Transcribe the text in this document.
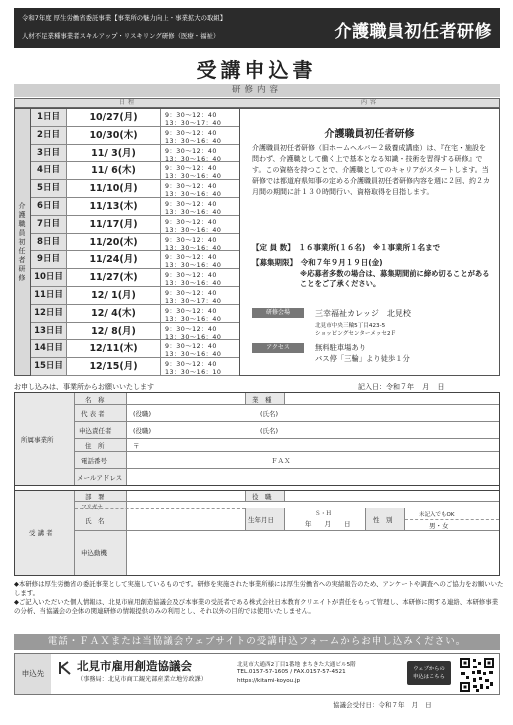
令和7年度 厚生労働省委託事業【事業所の魅力向上・事業拡大の取組】
人材不足業種事業者スキルアップ・リスキリング研修（医療・福祉）	介護職員初任者研修
受講申込書
研修内容
日程	内容
介護職員初任者研修
1日目	10/27(月)	9：30〜12：40
13：30〜17：40
2日目	10/30(木)	9：30〜12：40
13：30〜16：40
3日目	11/ 3(月)	9：30〜12：40
13：30〜16：40
4日目	11/ 6(木)	9：30〜12：40
13：30〜16：40
5日目	11/10(月)	9：30〜12：40
13：30〜16：40
6日目	11/13(木)	9：30〜12：40
13：30〜16：40
7日目	11/17(月)	9：30〜12：40
13：30〜16：40
8日目	11/20(木)	9：30〜12：40
13：30〜16：40
9日目	11/24(月)	9：30〜12：40
13：30〜16：40
10日目	11/27(木)	9：30〜12：40
13：30〜16：40
11日目	12/ 1(月)	9：30〜12：40
13：30〜17：40
12日目	12/ 4(木)	9：30〜12：40
13：30〜16：40
13日目	12/ 8(月)	9：30〜12：40
13：30〜16：40
14日目	12/11(木)	9：30〜12：40
13：30〜16：40
15日目	12/15(月)	9：30〜12：40
13：30〜16：10
介護職員初任者研修
介護職員初任者研修（旧ホームヘルパー２級養成講座）は、『在宅・施設を問わず、介護職として働く上で基本となる知識・技術を習得する研修』です。この資格を持つことで、介護職としてのキャリアがスタートします。当研修では都道府県知事の定める介護職員初任者研修内容を週に２回、約２カ月間の期間に計１３０時間行い、資格取得を目指します。
【定 員 数】　１６事業所(１６名)　※１事業所１名まで
【募集期限】　令和７年９月１９日(金)
※応募者多数の場合は、募集期間前に締め切ることがあることをご了承ください。
研修会場	三幸福祉カレッジ　北見校
北見市中央三輪5丁目423-5
ショッピングセンターメッセ2Ｆ
アクセス	無料駐車場あり
バス停「三輪」より徒歩１分
お申し込みは、事業所からお願いいたします	記入日：令和７年 月 日
所属事業所
名　称	業　種
代 表 者	(役職)	(氏名)
申込責任者	(役職)	(氏名)
住　所	〒
電話番号	ＦＡＸ
メールアドレス
受 講 者
部　署	役　職
フリガナ
氏　名	生年月日
Ｓ・Ｈ
年　　月　　日	性　別
未記入でもOK
男・女
申込動機
◆本研修は厚生労働省の委託事業として実施しているものです。研修を実施された事業所様には厚生労働省への実績報告のため、アンケートや調査へのご協力をお願いいたします。
◆ご記入いただいた個人情報は、北見市雇用創造協議会及び本事業の受託者である株式会社日本教育クリエイトが責任をもって管理し、本研修に関する連絡、本研修事業の分析、当協議会の全体の関連研修の情報提供のみの利用とし、それ以外の目的では使用いたしません。
電話・ＦＡＸまたは当協議会ウェブサイトの受講申込フォームからお申し込みください。
申込先
北見市雇用創造協議会
（事務局：北見市商工観光部産業立地労政課）
北見市大通西2丁目1番地 まちきた大通ビル5階
TEL.0157-57-1605 / FAX.0157-57-4521
https://kitami-koyou.jp
ウェブからの
申込はこちら
協議会受付日：令和７年 月 日
